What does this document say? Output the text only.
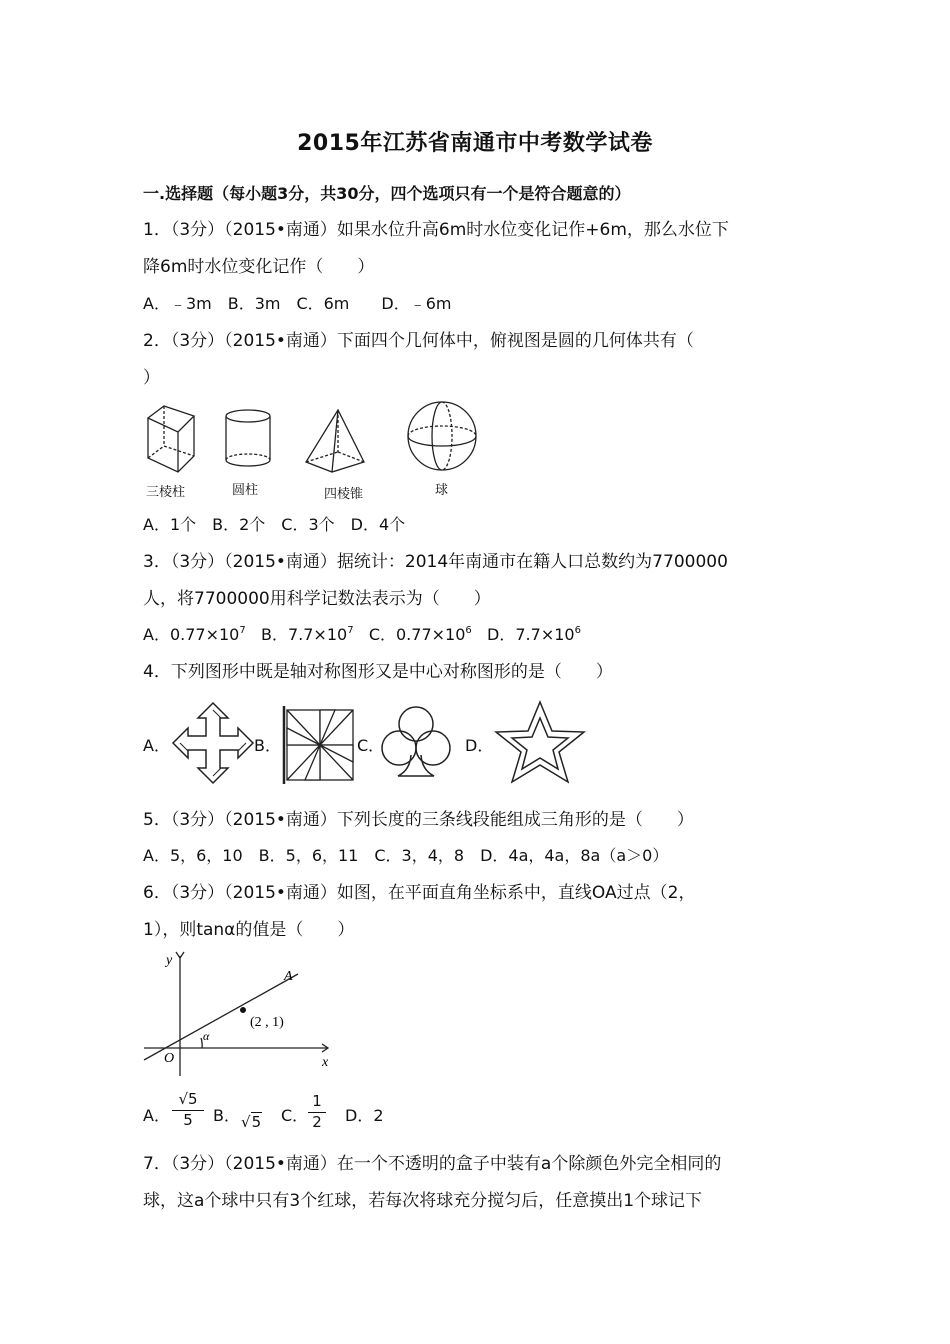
2015年江苏省南通市中考数学试卷
一.选择题（每小题3分，共30分，四个选项只有一个是符合题意的）
1．（3分）（2015•南通）如果水位升高6m时水位变化记作+6m，那么水位下
降6m时水位变化记作（　　）
A．﹣3m　B．3m　C．6m　　D．﹣6m
2．（3分）（2015•南通）下面四个几何体中，俯视图是圆的几何体共有（
）
三棱柱	圆柱	四棱锥	球
A．1个　B．2个　C．3个　D．4个
3．（3分）（2015•南通）据统计：2014年南通市在籍人口总数约为7700000
人，将7700000用科学记数法表示为（　　）
A．$0.77\times 10^7$ B．$7.7\times 10^7$ C．$0.77\times 10^6$ D．$7.7\times 10^6$
4．下列图形中既是轴对称图形又是中心对称图形的是（　　）
A．	B．	C．	D．
5．（3分）（2015•南通）下列长度的三条线段能组成三角形的是（　　）
A．5，6，10　B．5，6，11　C．3，4，8　D．4a，4a，8a（a＞0）
6．（3分）（2015•南通）如图，在平面直角坐标系中，直线OA过点（2，
1），则tanα的值是（　　）
y
x
O
A
α
(2 , 1)
A． $\frac{√5}{5}$ B． √5 C． $\frac{1}{2}$ D．2
7．（3分）（2015•南通）在一个不透明的盒子中装有a个除颜色外完全相同的
球，这a个球中只有3个红球，若每次将球充分搅匀后，任意摸出1个球记下
